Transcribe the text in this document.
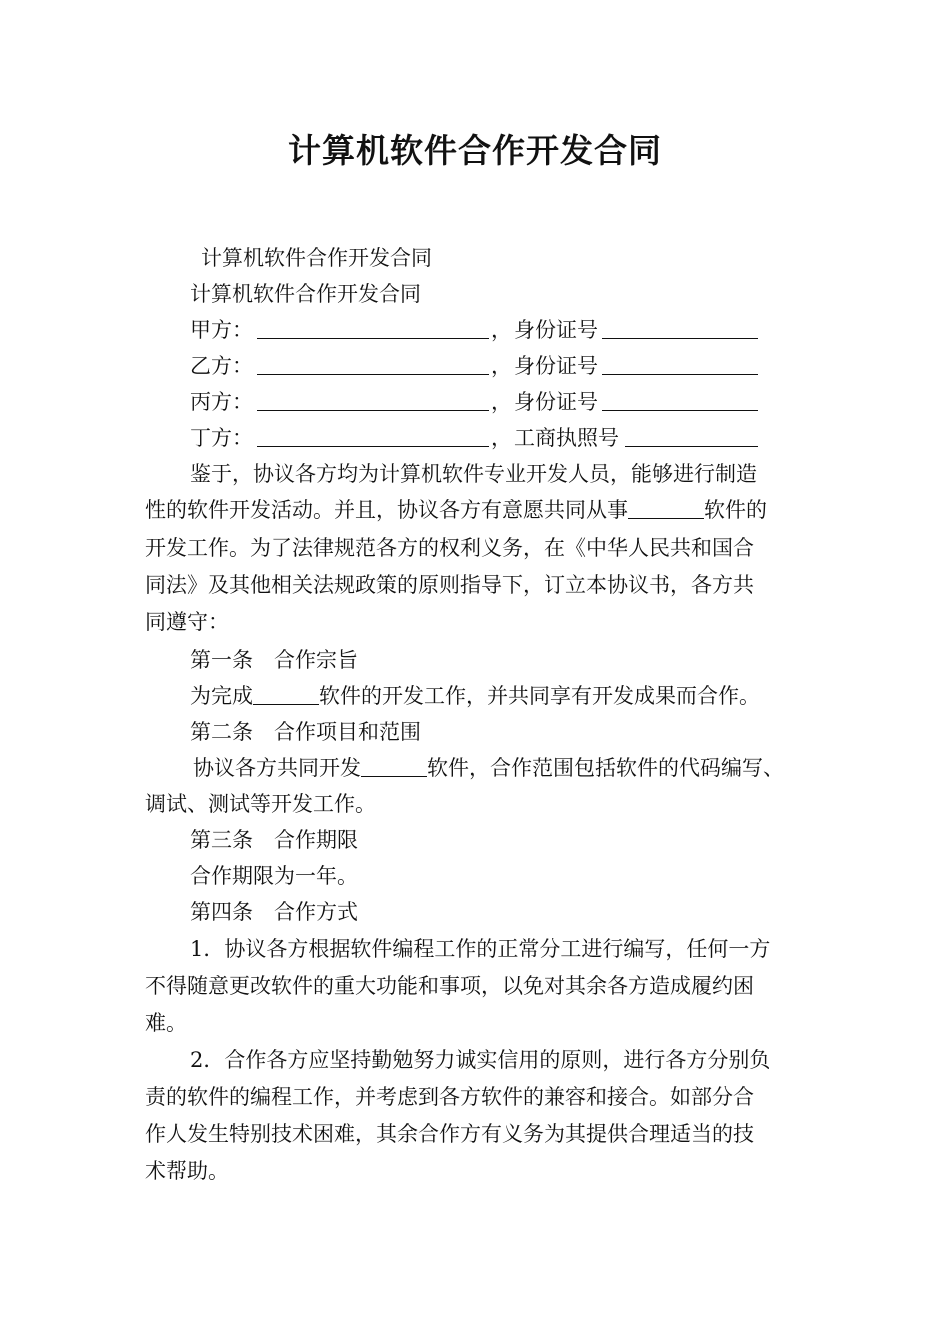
计算机软件合作开发合同
计算机软件合作开发合同
计算机软件合作开发合同
甲方：	， 身份证号
乙方：	， 身份证号
丙方：	， 身份证号
丁方：	， 工商执照号
鉴于，协议各方均为计算机软件专业开发人员，能够进行制造
性的软件开发活动。并且，协议各方有意愿共同从事	软件的
开发工作。为了法律规范各方的权利义务，在《中华人民共和国合
同法》及其他相关法规政策的原则指导下，订立本协议书，各方共
同遵守：
第一条　合作宗旨
为完成	软件的开发工作，并共同享有开发成果而合作。
第二条　合作项目和范围
协议各方共同开发	软件，合作范围包括软件的代码编写、
调试、测试等开发工作。
第三条　合作期限
合作期限为一年。
第四条　合作方式
1．协议各方根据软件编程工作的正常分工进行编写，任何一方
不得随意更改软件的重大功能和事项，以免对其余各方造成履约困
难。
2．合作各方应坚持勤勉努力诚实信用的原则，进行各方分别负
责的软件的编程工作，并考虑到各方软件的兼容和接合。如部分合
作人发生特别技术困难，其余合作方有义务为其提供合理适当的技
术帮助。
